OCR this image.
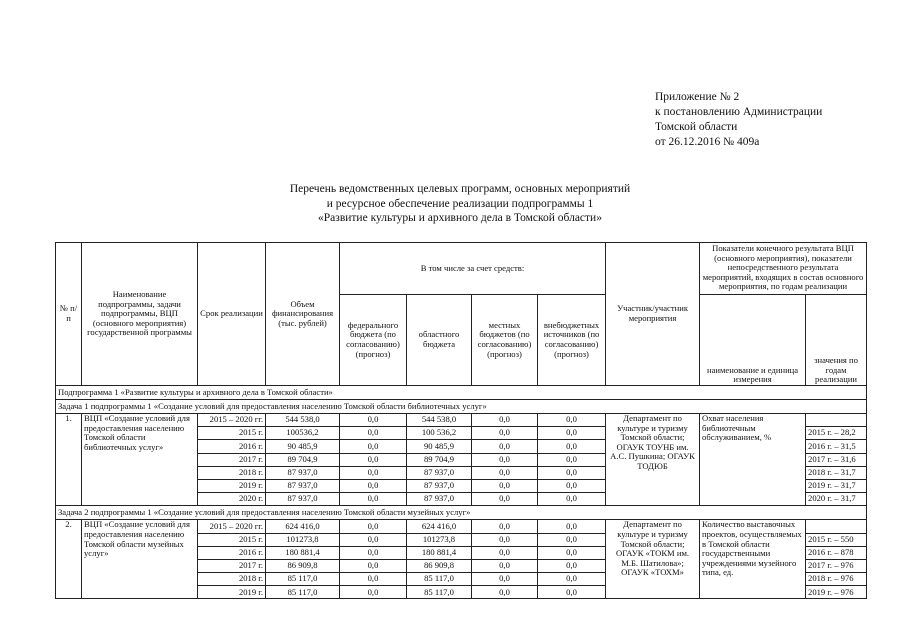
Приложение № 2
к постановлению Администрации
Томской области
от 26.12.2016 № 409а
Перечень ведомственных целевых программ, основных мероприятий
и ресурсное обеспечение реализации подпрограммы 1
«Развитие культуры и архивного дела в Томской области»
№ п/п	Наименование подпрограммы, задачи подпрограммы, ВЦП (основного мероприятия) государственной программы	Срок реализации	Объем финансирования (тыс. рублей)	В том числе за счет средств:				Участник/участник мероприятия	Показатели конечного результата ВЦП (основного мероприятия), показатели непосредственного результата мероприятий, входящих в состав основного мероприятия, по годам реализации	
				федерального бюджета (по согласованию) (прогноз)	областного бюджета	местных бюджетов (по согласованию) (прогноз)	внебюджетных источников (по согласованию) (прогноз)		наименование и единица измерения	значения по годам реализации
Подпрограмма 1 «Развитие культуры и архивного дела в Томской области»										
Задача 1 подпрограммы 1 «Создание условий для предоставления населению Томской области библиотечных услуг»										
1.	ВЦП «Создание условий для предоставления населению Томской области библиотечных услуг»	2015 – 2020 гг.	544 538,0	0,0	544 538,0	0,0	0,0	Департамент по культуре и туризму Томской области; ОГАУК ТОУНБ им. А.С. Пушкина; ОГАУК ТОДЮБ	Охват населения библиотечным обслуживанием, %	
		2015 г.	100536,2	0,0	100 536,2	0,0	0,0			2015 г. – 28,2
		2016 г.	90 485,9	0,0	90 485,9	0,0	0,0			2016 г. – 31,5
		2017 г.	89 704,9	0,0	89 704,9	0,0	0,0			2017 г. – 31,6
		2018 г.	87 937,0	0,0	87 937,0	0,0	0,0			2018 г. – 31,7
		2019 г.	87 937,0	0,0	87 937,0	0,0	0,0			2019 г. – 31,7
		2020 г.	87 937,0	0,0	87 937,0	0,0	0,0			2020 г. – 31,7
Задача 2 подпрограммы 1 «Создание условий для предоставления населению Томской области музейных услуг»										
2.	ВЦП «Создание условий для предоставления населению Томской области музейных услуг»	2015 – 2020 гг.	624 416,0	0,0	624 416,0	0,0	0,0	Департамент по культуре и туризму Томской области; ОГАУК «ТОКМ им. М.Б. Шатилова»; ОГАУК «ТОХМ»	Количество выставочных проектов, осуществляемых в Томской области государственными учреждениями музейного типа, ед.	
		2015 г.	101273,8	0,0	101273,8	0,0	0,0			2015 г. – 550
		2016 г.	180 881,4	0,0	180 881,4	0,0	0,0			2016 г. – 878
		2017 г.	86 909,8	0,0	86 909,8	0,0	0,0			2017 г. – 976
		2018 г.	85 117,0	0,0	85 117,0	0,0	0,0			2018 г. – 976
		2019 г.	85 117,0	0,0	85 117,0	0,0	0,0			2019 г. – 976
